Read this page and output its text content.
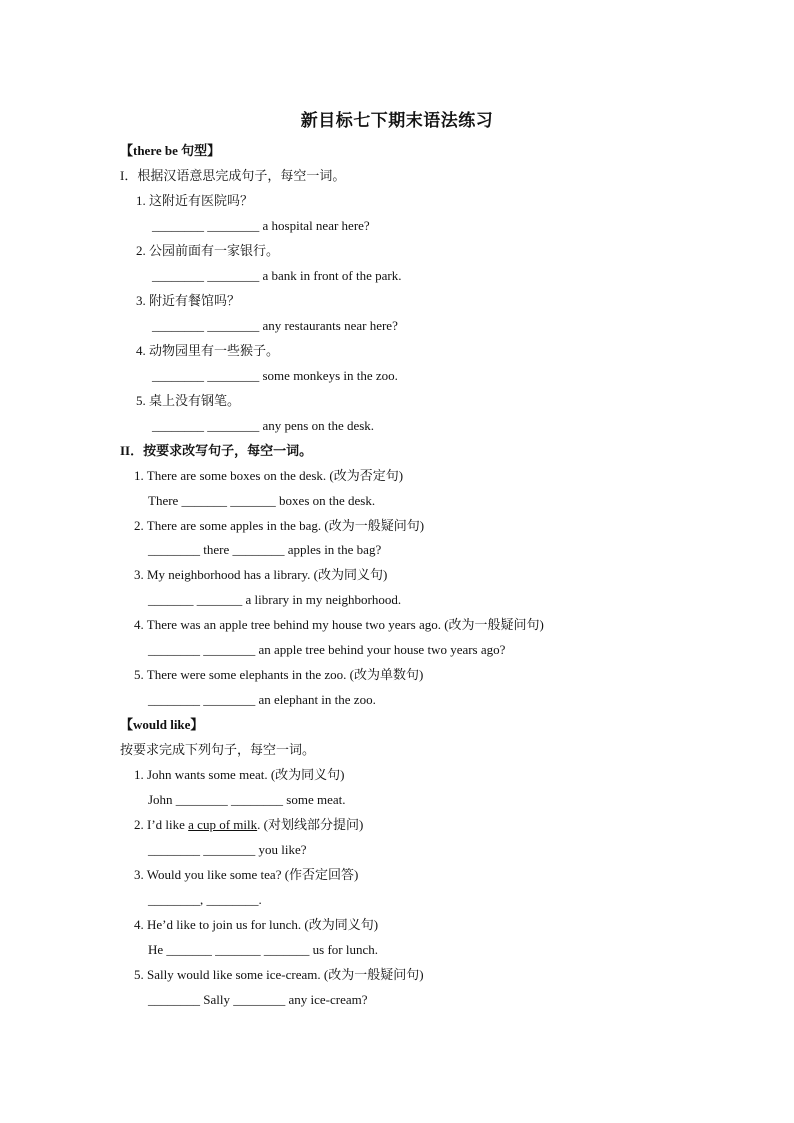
新目标七下期末语法练习
【there be 句型】
I．根据汉语意思完成句子，每空一词。
1. 这附近有医院吗？
________ ________ a hospital near here?
2. 公园前面有一家银行。
________ ________ a bank in front of the park.
3. 附近有餐馆吗？
________ ________ any restaurants near here?
4. 动物园里有一些猴子。
________ ________ some monkeys in the zoo.
5. 桌上没有钢笔。
________ ________ any pens on the desk.
II．按要求改写句子，每空一词。
1. There are some boxes on the desk. (改为否定句)
There _______ _______ boxes on the desk.
2. There are some apples in the bag. (改为一般疑问句)
________ there ________ apples in the bag?
3. My neighborhood has a library. (改为同义句)
_______ _______ a library in my neighborhood.
4. There was an apple tree behind my house two years ago. (改为一般疑问句)
________ ________ an apple tree behind your house two years ago?
5. There were some elephants in the zoo. (改为单数句)
________ ________ an elephant in the zoo.
【would like】
按要求完成下列句子，每空一词。
1. John wants some meat. (改为同义句)
John ________ ________ some meat.
2. I’d like a cup of milk. (对划线部分提问)
________ ________ you like?
3. Would you like some tea? (作否定回答)
________, ________.
4. He’d like to join us for lunch. (改为同义句)
He _______ _______ _______ us for lunch.
5. Sally would like some ice-cream. (改为一般疑问句)
________ Sally ________ any ice-cream?
